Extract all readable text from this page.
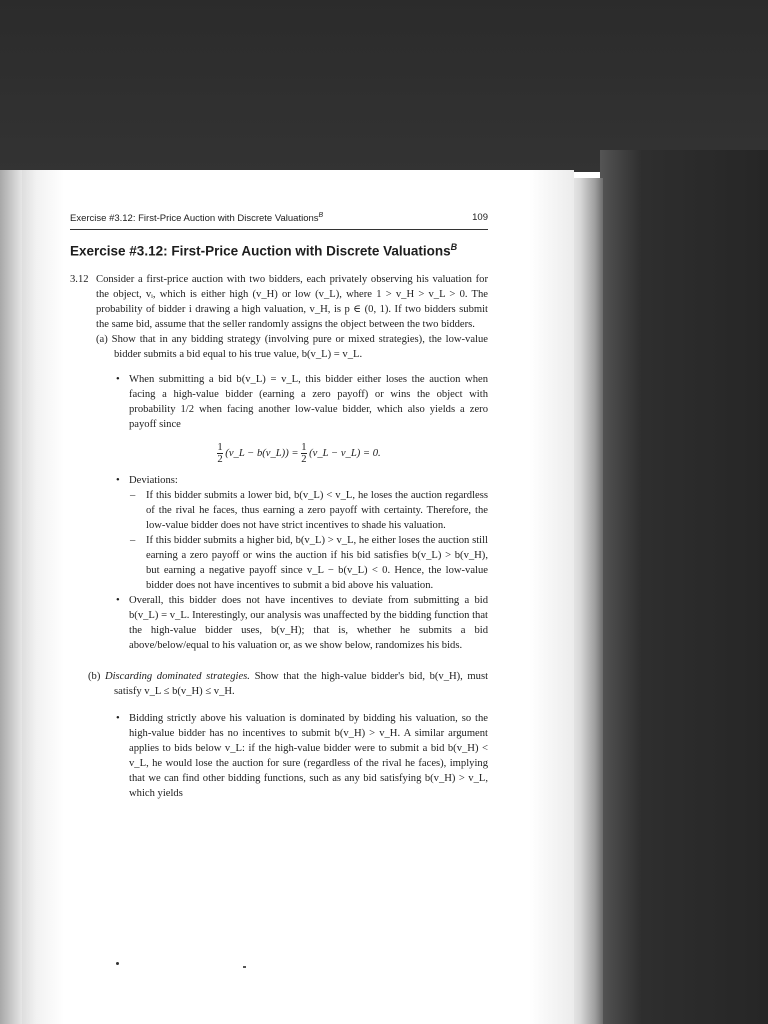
Exercise #3.12: First-Price Auction with Discrete Valuations$^B$	109
Exercise #3.12: First-Price Auction with Discrete Valuations$^B$
3.12 Consider a first-price auction with two bidders, each privately observing his valuation for the object, vᵢ, which is either high (v_H) or low (v_L), where 1 > v_H > v_L > 0. The probability of bidder i drawing a high valuation, v_H, is p ∈ (0, 1). If two bidders submit the same bid, assume that the seller randomly assigns the object between the two bidders.

(a) Show that in any bidding strategy (involving pure or mixed strategies), the low-value bidder submits a bid equal to his true value, b(v_L) = v_L.

• When submitting a bid b(v_L) = v_L, this bidder either loses the auction when facing a high-value bidder (earning a zero payoff) or wins the object with probability 1/2 when facing another low-value bidder, which also yields a zero payoff since

$\frac{1}{2}$ (v_L − b(v_L)) = $\frac{1}{2}$ (v_L − v_L) = 0.
• Deviations:

– If this bidder submits a lower bid, b(v_L) < v_L, he loses the auction regardless of the rival he faces, thus earning a zero payoff with certainty. Therefore, the low-value bidder does not have strict incentives to shade his valuation.

– If this bidder submits a higher bid, b(v_L) > v_L, he either loses the auction still earning a zero payoff or wins the auction if his bid satisfies b(v_L) > b(v_H), but earning a negative payoff since v_L − b(v_L) < 0. Hence, the low-value bidder does not have incentives to submit a bid above his valuation.

• Overall, this bidder does not have incentives to deviate from submitting a bid b(v_L) = v_L. Interestingly, our analysis was unaffected by the bidding function that the high-value bidder uses, b(v_H); that is, whether he submits a bid above/below/equal to his valuation or, as we show below, randomizes his bids.

(b) Discarding dominated strategies. Show that the high-value bidder's bid, b(v_H), must satisfy v_L ≤ b(v_H) ≤ v_H.

• Bidding strictly above his valuation is dominated by bidding his valuation, so the high-value bidder has no incentives to submit b(v_H) > v_H. A similar argument applies to bids below v_L: if the high-value bidder were to submit a bid b(v_H) < v_L, he would lose the auction for sure (regardless of the rival he faces), implying that we can find other bidding functions, such as any bid satisfying b(v_H) > v_L, which yields
